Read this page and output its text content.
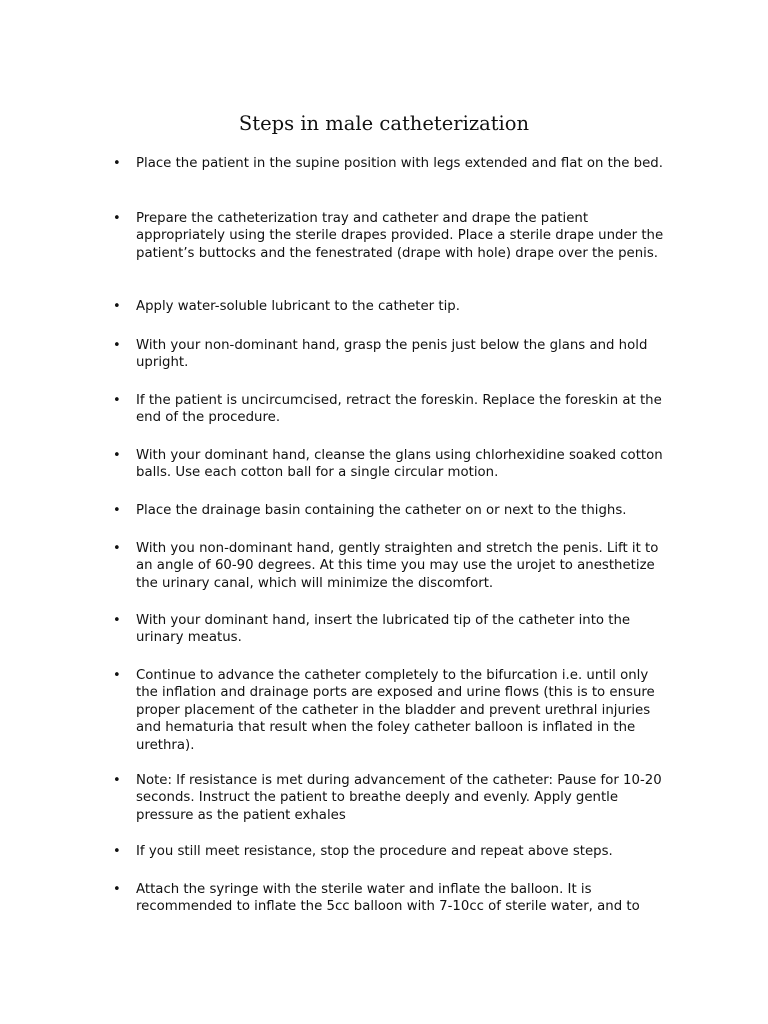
Steps in male catheterization
• Place the patient in the supine position with legs extended and flat on the bed.
• Prepare the catheterization tray and catheter and drape the patient appropriately using the sterile drapes provided. Place a sterile drape under the patient’s buttocks and the fenestrated (drape with hole) drape over the penis.
• Apply water-soluble lubricant to the catheter tip.
• With your non-dominant hand, grasp the penis just below the glans and hold upright.
• If the patient is uncircumcised, retract the foreskin. Replace the foreskin at the end of the procedure.
• With your dominant hand, cleanse the glans using chlorhexidine soaked cotton balls. Use each cotton ball for a single circular motion.
• Place the drainage basin containing the catheter on or next to the thighs.
• With you non-dominant hand, gently straighten and stretch the penis. Lift it to an angle of 60-90 degrees. At this time you may use the urojet to anesthetize the urinary canal, which will minimize the discomfort.
• With your dominant hand, insert the lubricated tip of the catheter into the urinary meatus.
• Continue to advance the catheter completely to the bifurcation i.e. until only the inflation and drainage ports are exposed and urine flows (this is to ensure proper placement of the catheter in the bladder and prevent urethral injuries and hematuria that result when the foley catheter balloon is inflated in the urethra).
• Note: If resistance is met during advancement of the catheter: Pause for 10-20 seconds. Instruct the patient to breathe deeply and evenly. Apply gentle pressure as the patient exhales
• If you still meet resistance, stop the procedure and repeat above steps.
• Attach the syringe with the sterile water and inflate the balloon. It is recommended to inflate the 5cc balloon with 7-10cc of sterile water, and to
